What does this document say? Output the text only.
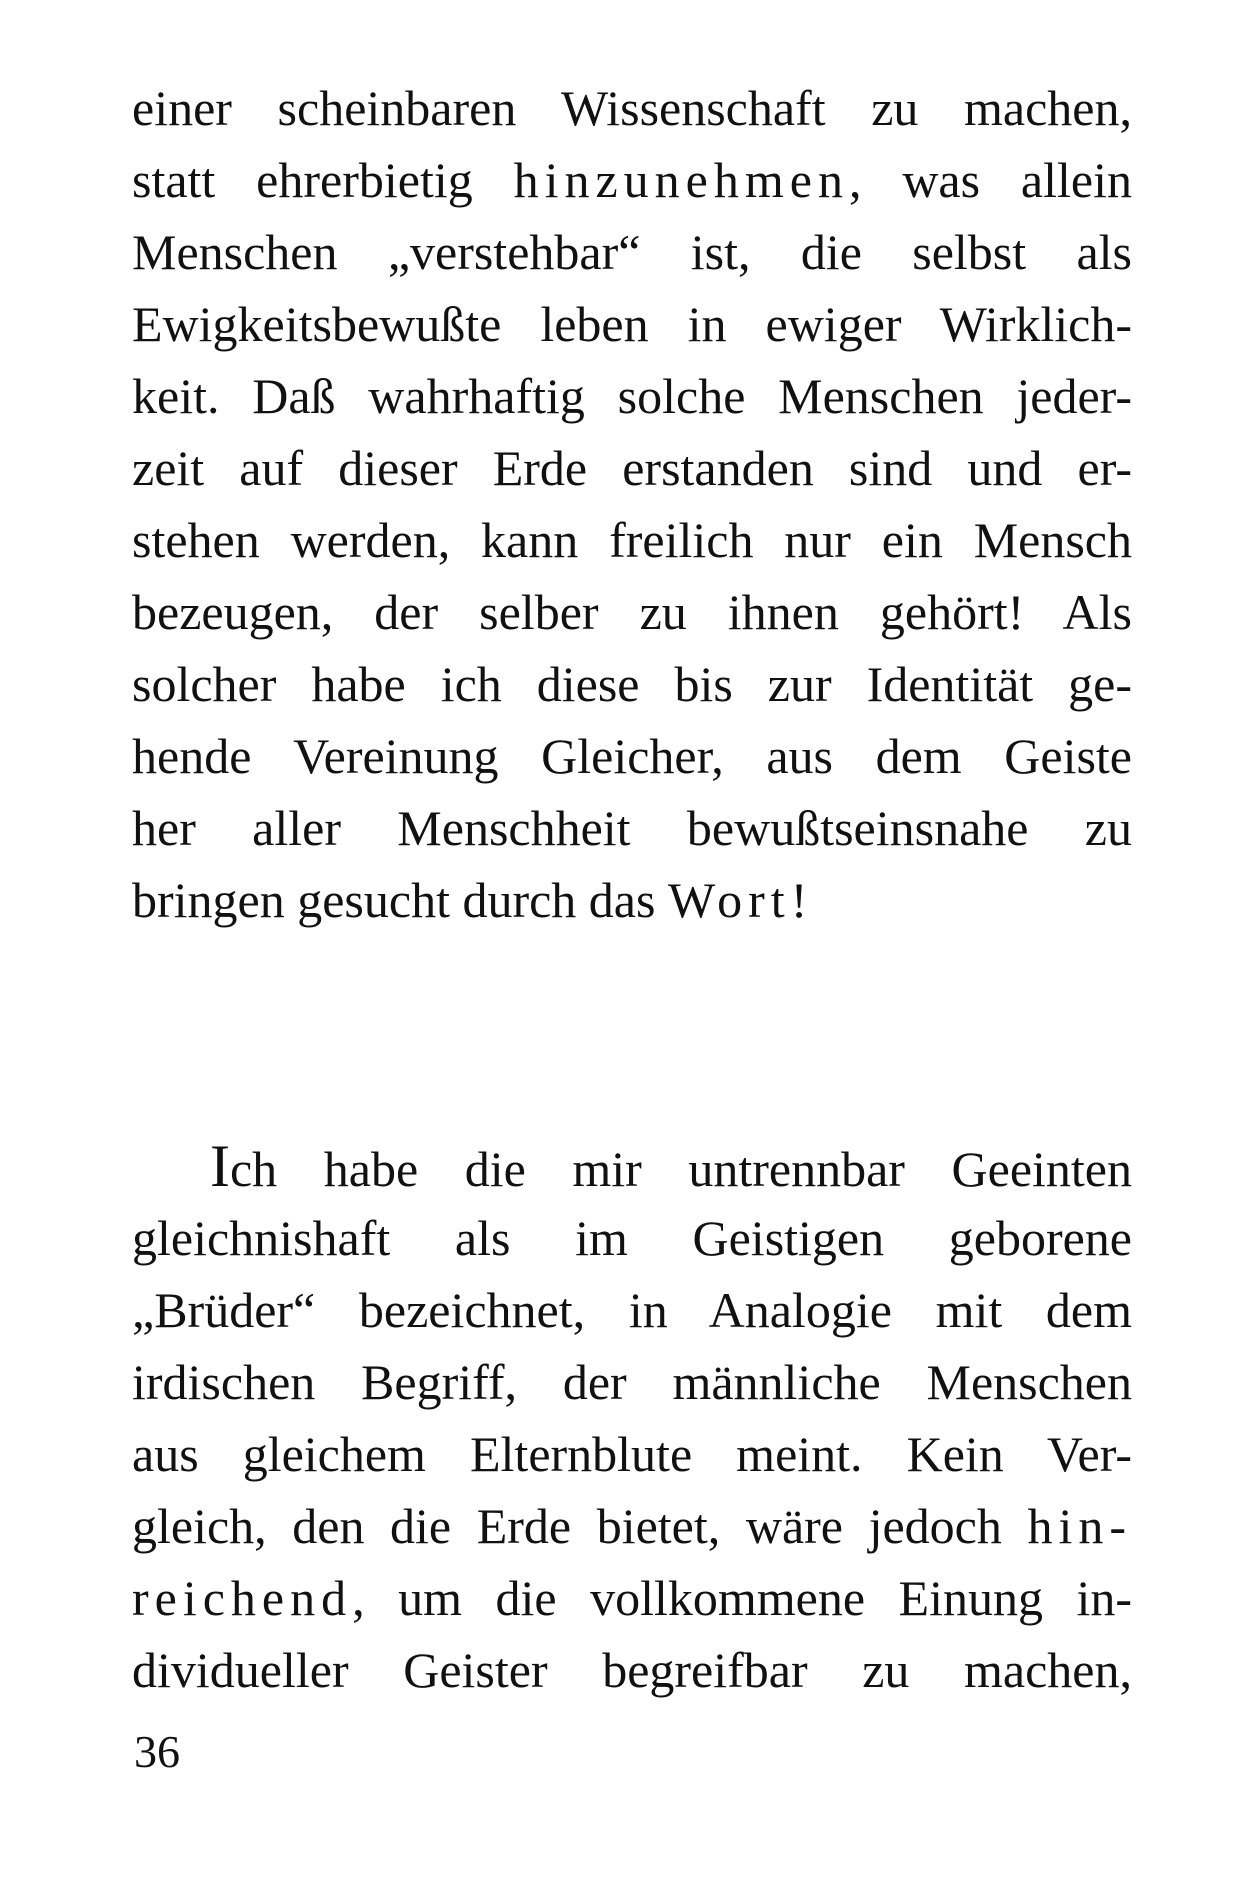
einer scheinbaren Wissenschaft zu machen,
statt ehrerbietig hinzunehmen, was allein
Menschen „verstehbar“ ist, die selbst als
Ewigkeitsbewußte leben in ewiger Wirklich-
keit. Daß wahrhaftig solche Menschen jeder-
zeit auf dieser Erde erstanden sind und er-
stehen werden, kann freilich nur ein Mensch
bezeugen, der selber zu ihnen gehört! Als
solcher habe ich diese bis zur Identität ge-
hende Vereinung Gleicher, aus dem Geiste
her aller Menschheit bewußtseinsnahe zu
bringen gesucht durch das Wort!
Ich habe die mir untrennbar Geeinten
gleichnishaft als im Geistigen geborene
„Brüder“ bezeichnet, in Analogie mit dem
irdischen Begriff, der männliche Menschen
aus gleichem Elternblute meint. Kein Ver-
gleich, den die Erde bietet, wäre jedoch hin-
reichend, um die vollkommene Einung in-
dividueller Geister begreifbar zu machen,

36
